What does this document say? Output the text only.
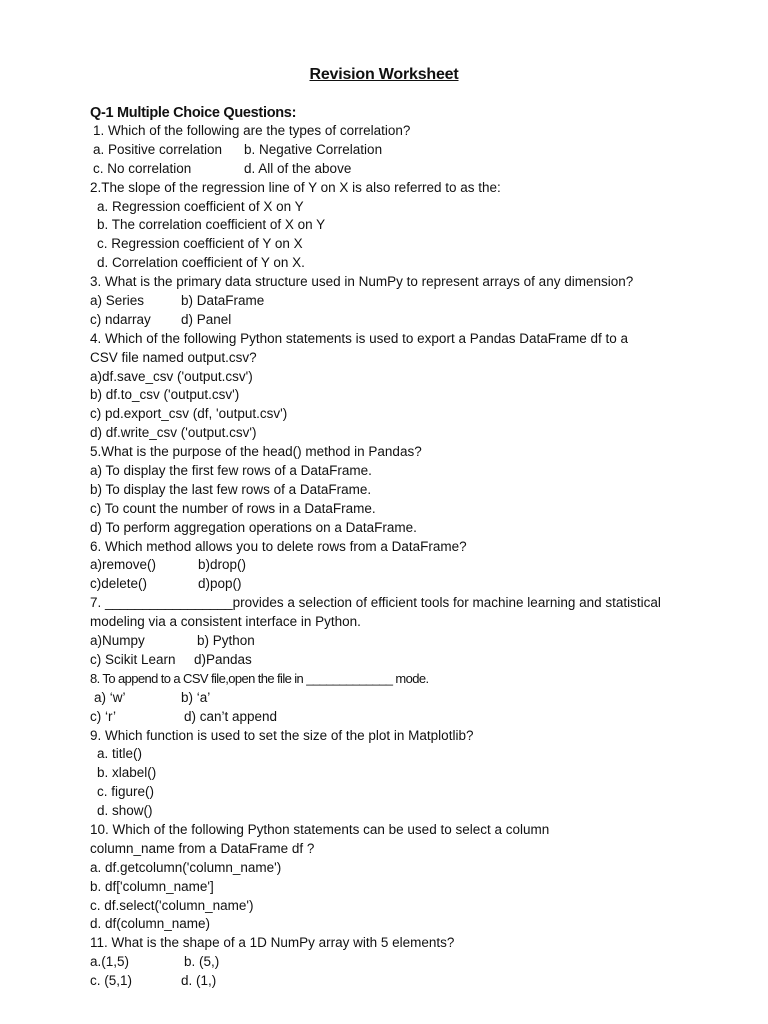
Revision Worksheet
Q-1 Multiple Choice Questions:
1. Which of the following are the types of correlation?
a. Positive correlation b. Negative Correlation
c. No correlation	d. All of the above
2.The slope of the regression line of Y on X is also referred to as the:
a. Regression coefficient of X on Y
b. The correlation coefficient of X on Y
c. Regression coefficient of Y on X
d. Correlation coefficient of Y on X.
3. What is the primary data structure used in NumPy to represent arrays of any dimension?
a) Series	b) DataFrame
c) ndarray d) Panel
4. Which of the following Python statements is used to export a Pandas DataFrame df to a
CSV file named output.csv?
a)df.save_csv ('output.csv')
b) df.to_csv ('output.csv')
c) pd.export_csv (df, 'output.csv')
d) df.write_csv ('output.csv')
5.What is the purpose of the head() method in Pandas?
a) To display the first few rows of a DataFrame.
b) To display the last few rows of a DataFrame.
c) To count the number of rows in a DataFrame.
d) To perform aggregation operations on a DataFrame.
6. Which method allows you to delete rows from a DataFrame?
a)remove()	b)drop()
c)delete()	d)pop()
7. _________________provides a selection of efficient tools for machine learning and statistical
modeling via a consistent interface in Python.
a)Numpy	b) Python
c) Scikit Learn d)Pandas
8. To append to a CSV file,open the file in _____________ mode.
a) ‘w’	b) ‘a’
c) ‘r’	d) can’t append
9. Which function is used to set the size of the plot in Matplotlib?
a. title()
b. xlabel()
c. figure()
d. show()
10. Which of the following Python statements can be used to select a column
column_name from a DataFrame df ?
a. df.getcolumn('column_name')
b. df['column_name']
c. df.select('column_name')
d. df(column_name)
11. What is the shape of a 1D NumPy array with 5 elements?
a.(1,5)	b. (5,)
c. (5,1)	d. (1,)
